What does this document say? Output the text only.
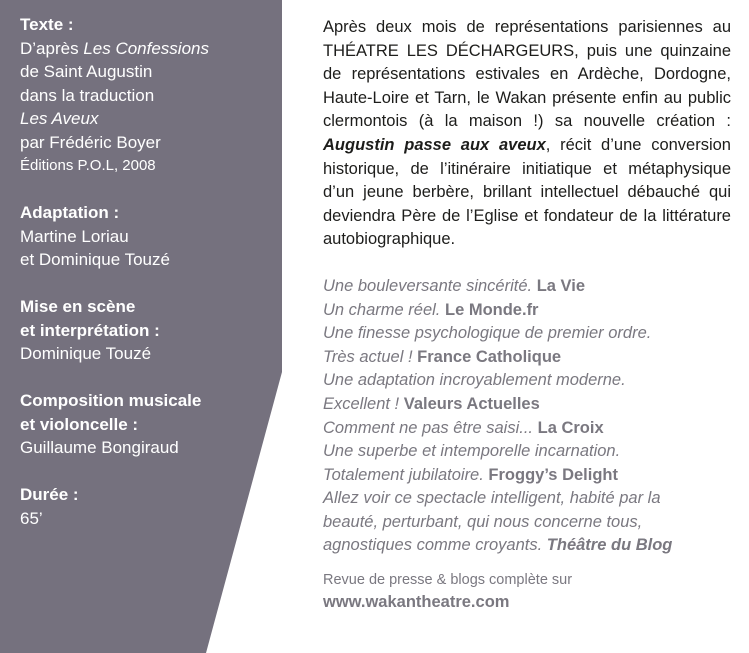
Texte :
D’après Les Confessions
de Saint Augustin
dans la traduction
Les Aveux
par Frédéric Boyer
Éditions P.O.L, 2008
Adaptation :
Martine Loriau
et Dominique Touzé
Mise en scène
et interprétation :
Dominique Touzé
Composition musicale
et violoncelle :
Guillaume Bongiraud
Durée :
65’

Après deux mois de représentations parisiennes au THÉATRE LES DÉCHARGEURS, puis une quinzaine de représentations estivales en Ardèche, Dordogne, Haute-Loire et Tarn, le Wakan présente enfin au public clermontois (à la maison !) sa nouvelle création : Augustin passe aux aveux, récit d’une conversion historique, de l’itinéraire initiatique et métaphysique d’un jeune berbère, brillant intellectuel débauché qui deviendra Père de l’Eglise et fondateur de la littérature autobiographique.

Une bouleversante sincérité. La Vie
Un charme réel. Le Monde.fr
Une finesse psychologique de premier ordre.
Très actuel ! France Catholique
Une adaptation incroyablement moderne.
Excellent ! Valeurs Actuelles
Comment ne pas être saisi... La Croix
Une superbe et intemporelle incarnation.
Totalement jubilatoire. Froggy’s Delight
Allez voir ce spectacle intelligent, habité par la
beauté, perturbant, qui nous concerne tous,
agnostiques comme croyants. Théâtre du Blog
Revue de presse & blogs complète sur
www.wakantheatre.com
